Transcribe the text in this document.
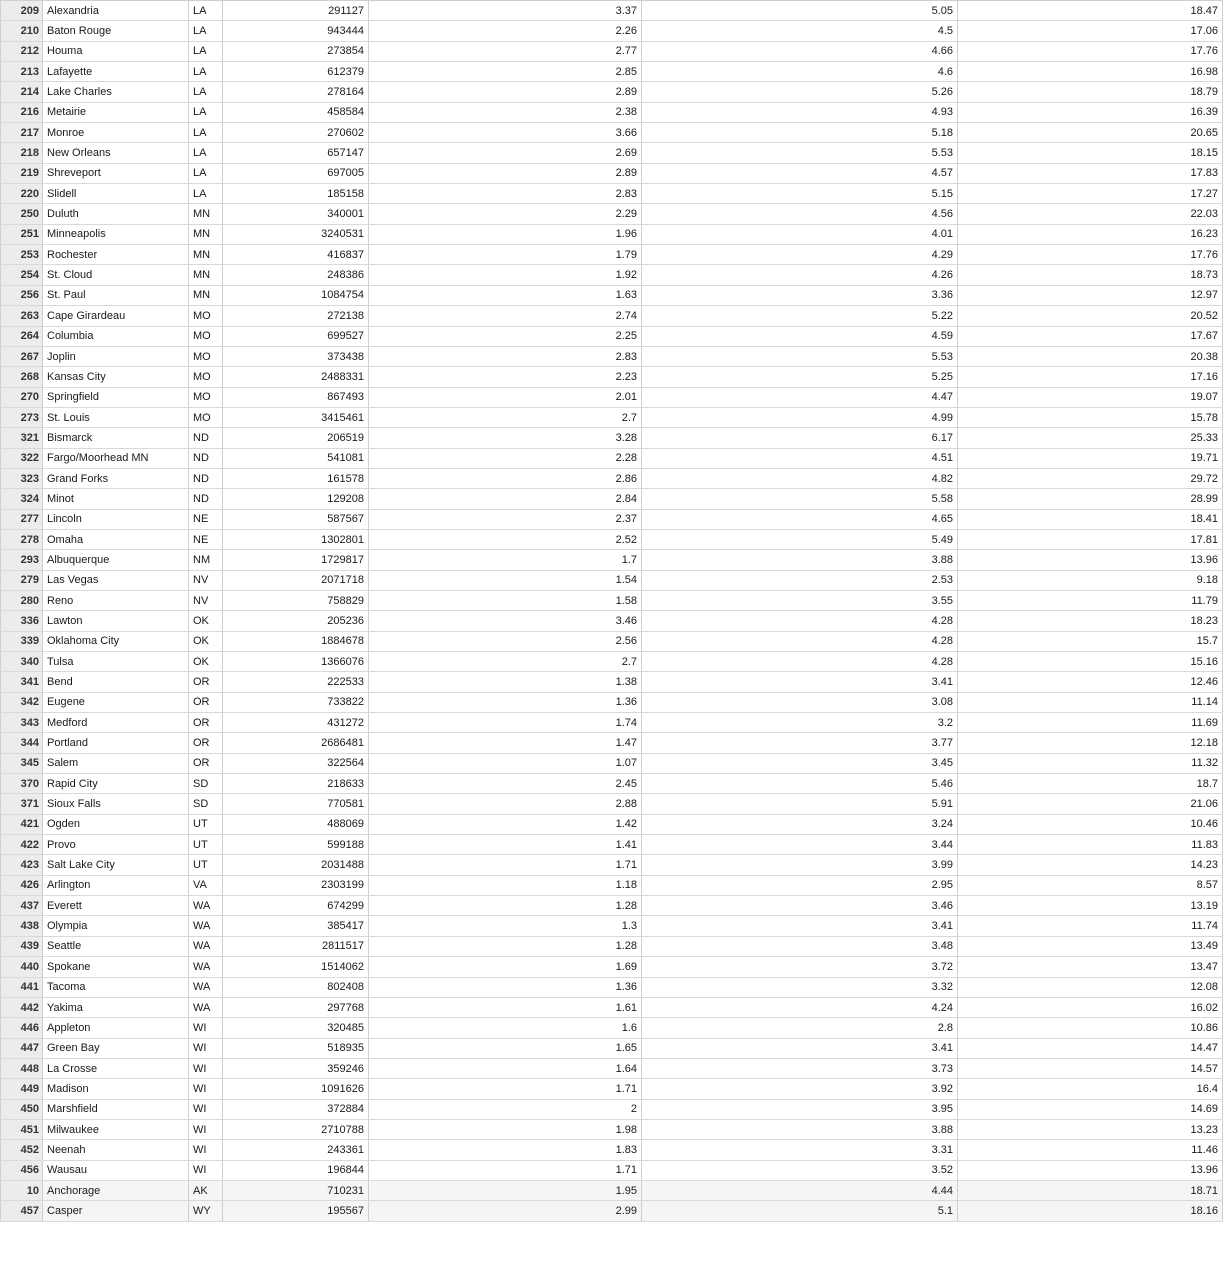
209	Alexandria	LA	291127	3.37	5.05	18.47
210	Baton Rouge	LA	943444	2.26	4.5	17.06
212	Houma	LA	273854	2.77	4.66	17.76
213	Lafayette	LA	612379	2.85	4.6	16.98
214	Lake Charles	LA	278164	2.89	5.26	18.79
216	Metairie	LA	458584	2.38	4.93	16.39
217	Monroe	LA	270602	3.66	5.18	20.65
218	New Orleans	LA	657147	2.69	5.53	18.15
219	Shreveport	LA	697005	2.89	4.57	17.83
220	Slidell	LA	185158	2.83	5.15	17.27
250	Duluth	MN	340001	2.29	4.56	22.03
251	Minneapolis	MN	3240531	1.96	4.01	16.23
253	Rochester	MN	416837	1.79	4.29	17.76
254	St. Cloud	MN	248386	1.92	4.26	18.73
256	St. Paul	MN	1084754	1.63	3.36	12.97
263	Cape Girardeau	MO	272138	2.74	5.22	20.52
264	Columbia	MO	699527	2.25	4.59	17.67
267	Joplin	MO	373438	2.83	5.53	20.38
268	Kansas City	MO	2488331	2.23	5.25	17.16
270	Springfield	MO	867493	2.01	4.47	19.07
273	St. Louis	MO	3415461	2.7	4.99	15.78
321	Bismarck	ND	206519	3.28	6.17	25.33
322	Fargo/Moorhead MN	ND	541081	2.28	4.51	19.71
323	Grand Forks	ND	161578	2.86	4.82	29.72
324	Minot	ND	129208	2.84	5.58	28.99
277	Lincoln	NE	587567	2.37	4.65	18.41
278	Omaha	NE	1302801	2.52	5.49	17.81
293	Albuquerque	NM	1729817	1.7	3.88	13.96
279	Las Vegas	NV	2071718	1.54	2.53	9.18
280	Reno	NV	758829	1.58	3.55	11.79
336	Lawton	OK	205236	3.46	4.28	18.23
339	Oklahoma City	OK	1884678	2.56	4.28	15.7
340	Tulsa	OK	1366076	2.7	4.28	15.16
341	Bend	OR	222533	1.38	3.41	12.46
342	Eugene	OR	733822	1.36	3.08	11.14
343	Medford	OR	431272	1.74	3.2	11.69
344	Portland	OR	2686481	1.47	3.77	12.18
345	Salem	OR	322564	1.07	3.45	11.32
370	Rapid City	SD	218633	2.45	5.46	18.7
371	Sioux Falls	SD	770581	2.88	5.91	21.06
421	Ogden	UT	488069	1.42	3.24	10.46
422	Provo	UT	599188	1.41	3.44	11.83
423	Salt Lake City	UT	2031488	1.71	3.99	14.23
426	Arlington	VA	2303199	1.18	2.95	8.57
437	Everett	WA	674299	1.28	3.46	13.19
438	Olympia	WA	385417	1.3	3.41	11.74
439	Seattle	WA	2811517	1.28	3.48	13.49
440	Spokane	WA	1514062	1.69	3.72	13.47
441	Tacoma	WA	802408	1.36	3.32	12.08
442	Yakima	WA	297768	1.61	4.24	16.02
446	Appleton	WI	320485	1.6	2.8	10.86
447	Green Bay	WI	518935	1.65	3.41	14.47
448	La Crosse	WI	359246	1.64	3.73	14.57
449	Madison	WI	1091626	1.71	3.92	16.4
450	Marshfield	WI	372884	2	3.95	14.69
451	Milwaukee	WI	2710788	1.98	3.88	13.23
452	Neenah	WI	243361	1.83	3.31	11.46
456	Wausau	WI	196844	1.71	3.52	13.96
10	Anchorage	AK	710231	1.95	4.44	18.71
457	Casper	WY	195567	2.99	5.1	18.16
